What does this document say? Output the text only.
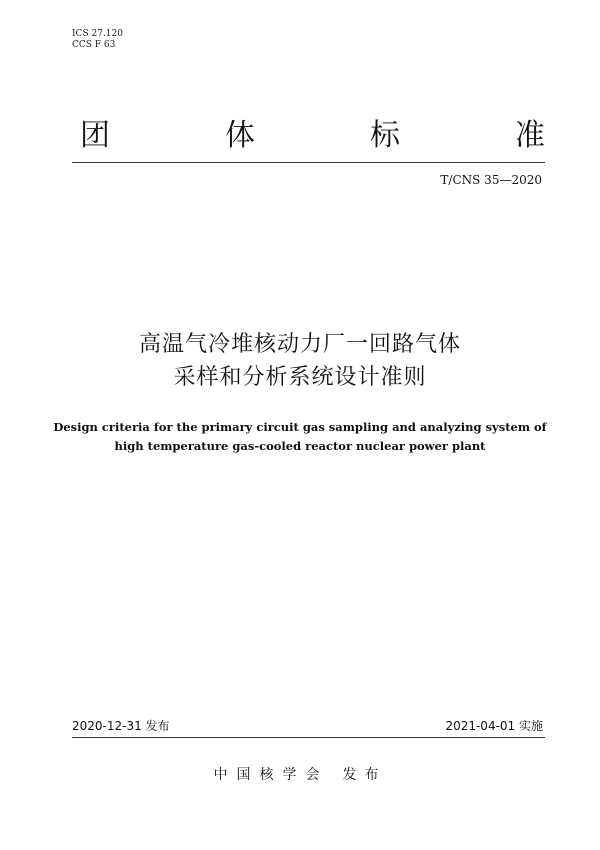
ICS 27.120
CCS F 63
团	体	标	准
T/CNS 35—2020
高温气冷堆核动力厂一回路气体
采样和分析系统设计准则
Design criteria for the primary circuit gas sampling and analyzing system of
high temperature gas-cooled reactor nuclear power plant
2020-12-31 发布	2021-04-01 实施
中国核学会 发布
